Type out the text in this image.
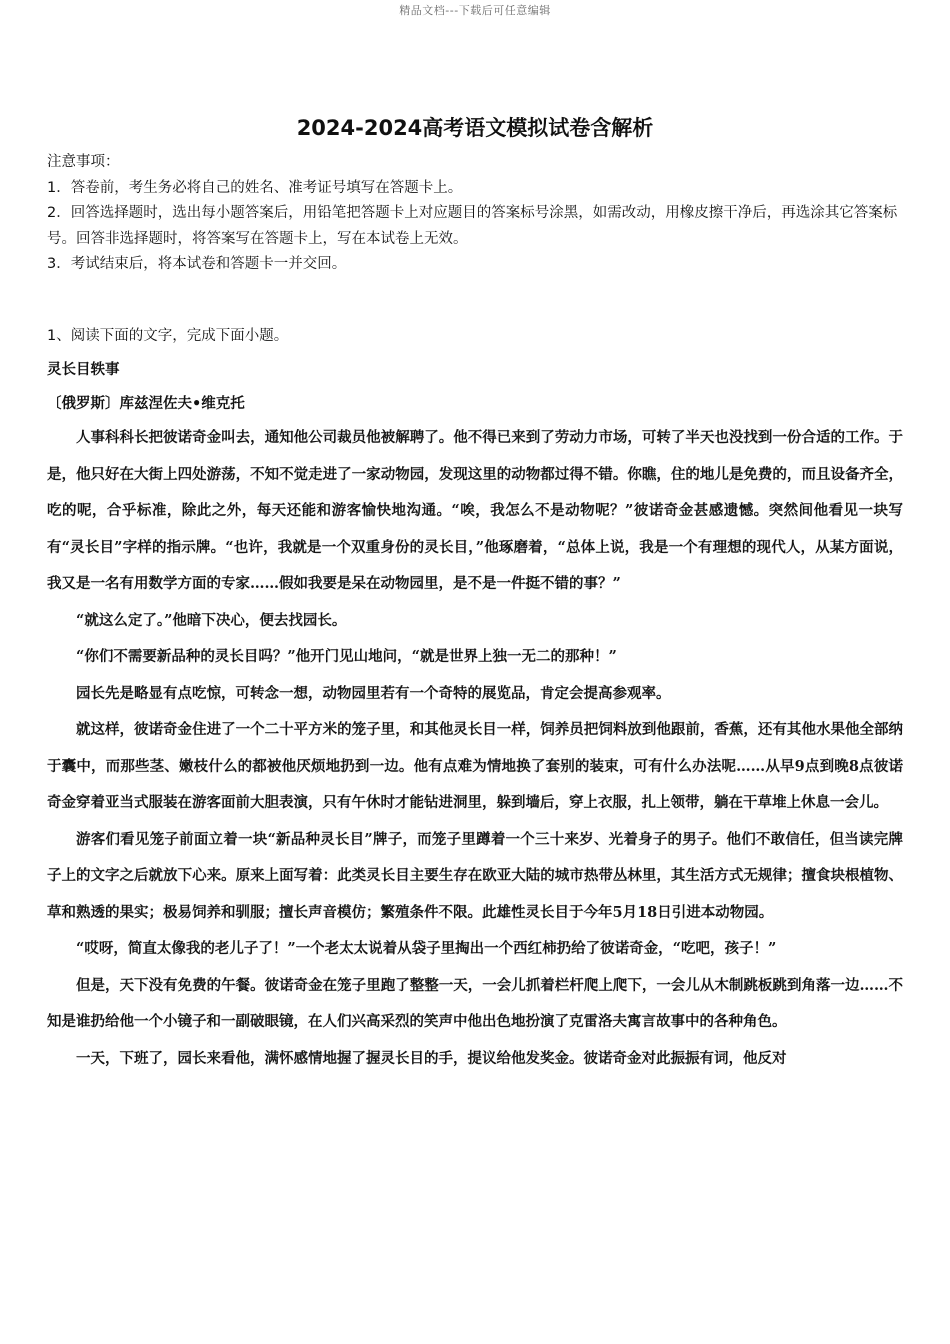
精品文档---下载后可任意编辑
2024-2024高考语文模拟试卷含解析

注意事项：

1．答卷前，考生务必将自己的姓名、准考证号填写在答题卡上。

2．回答选择题时，选出每小题答案后，用铅笔把答题卡上对应题目的答案标号涂黑，如需改动，用橡皮擦干净后，再选涂其它答案标号。回答非选择题时，将答案写在答题卡上，写在本试卷上无效。

3．考试结束后，将本试卷和答题卡一并交回。

1、阅读下面的文字，完成下面小题。
灵长目轶事
〔俄罗斯〕库兹涅佐夫•维克托

人事科科长把彼诺奇金叫去，通知他公司裁员他被解聘了。他不得已来到了劳动力市场，可转了半天也没找到一份合适的工作。于是，他只好在大街上四处游荡，不知不觉走进了一家动物园，发现这里的动物都过得不错。你瞧，住的地儿是免费的，而且设备齐全，吃的呢，合乎标准，除此之外，每天还能和游客愉快地沟通。“唉，我怎么不是动物呢？”彼诺奇金甚感遗憾。突然间他看见一块写有“灵长目”字样的指示牌。“也许，我就是一个双重身份的灵长目，”他琢磨着，“总体上说，我是一个有理想的现代人，从某方面说，我又是一名有用数学方面的专家……假如我要是呆在动物园里，是不是一件挺不错的事？”

“就这么定了。”他暗下决心，便去找园长。

“你们不需要新品种的灵长目吗？”他开门见山地问，“就是世界上独一无二的那种！”

园长先是略显有点吃惊，可转念一想，动物园里若有一个奇特的展览品，肯定会提高参观率。

就这样，彼诺奇金住进了一个二十平方米的笼子里，和其他灵长目一样，饲养员把饲料放到他跟前，香蕉，还有其他水果他全部纳于囊中，而那些茎、嫩枝什么的都被他厌烦地扔到一边。他有点难为情地换了套别的装束，可有什么办法呢……从早9点到晚8点彼诺奇金穿着亚当式服装在游客面前大胆表演，只有午休时才能钻进洞里，躲到墙后，穿上衣服，扎上领带，躺在干草堆上休息一会儿。

游客们看见笼子前面立着一块“新品种灵长目”牌子，而笼子里蹲着一个三十来岁、光着身子的男子。他们不敢信任，但当读完牌子上的文字之后就放下心来。原来上面写着：此类灵长目主要生存在欧亚大陆的城市热带丛林里，其生活方式无规律；擅食块根植物、草和熟透的果实；极易饲养和驯服；擅长声音模仿；繁殖条件不限。此雄性灵长目于今年5月18日引进本动物园。

“哎呀，简直太像我的老儿子了！”一个老太太说着从袋子里掏出一个西红柿扔给了彼诺奇金，“吃吧，孩子！”

但是，天下没有免费的午餐。彼诺奇金在笼子里跑了整整一天，一会儿抓着栏杆爬上爬下，一会儿从木制跳板跳到角落一边……不知是谁扔给他一个小镜子和一副破眼镜，在人们兴高采烈的笑声中他出色地扮演了克雷洛夫寓言故事中的各种角色。

一天，下班了，园长来看他，满怀感情地握了握灵长目的手，提议给他发奖金。彼诺奇金对此振振有词，他反对
